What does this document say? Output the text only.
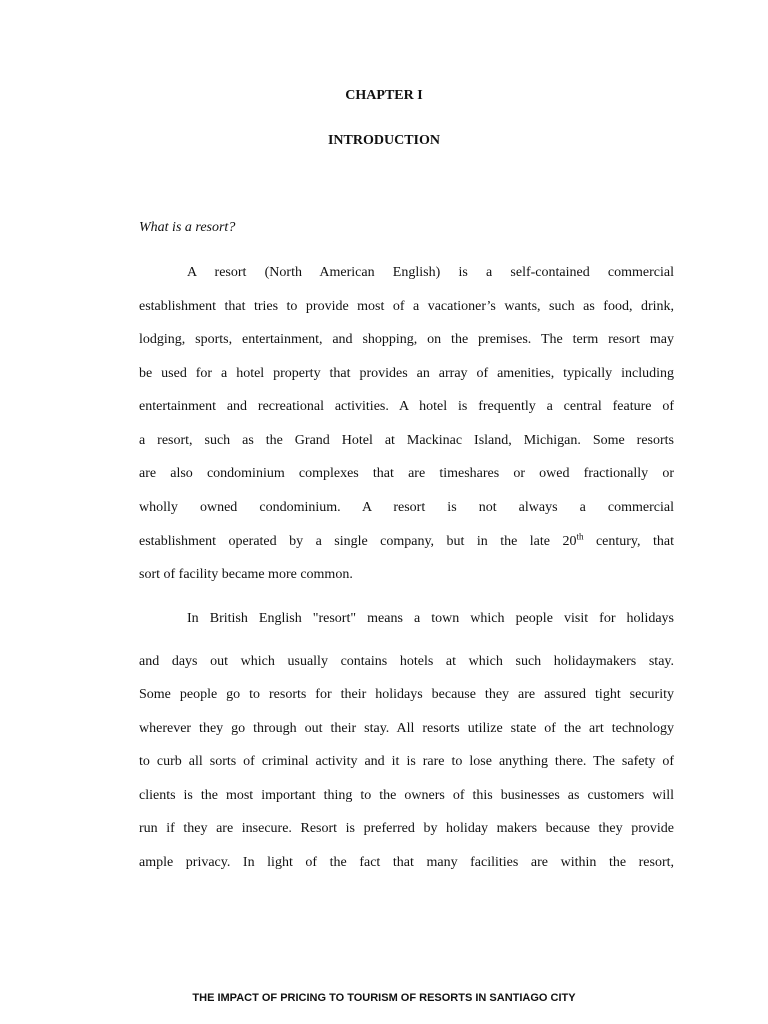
CHAPTER I
INTRODUCTION
What is a resort?
A resort (North American English) is a self-contained commercial
establishment that tries to provide most of a vacationer’s wants, such as food, drink,
lodging, sports, entertainment, and shopping, on the premises. The term resort may
be used for a hotel property that provides an array of amenities, typically including
entertainment and recreational activities. A hotel is frequently a central feature of
a resort, such as the Grand Hotel at Mackinac Island, Michigan. Some resorts
are also condominium complexes that are timeshares or owed fractionally or
wholly owned condominium. A resort is not always a commercial
establishment operated by a single company, but in the late 20th century, that
sort of facility became more common.
In British English "resort" means a town which people visit for holidays
and days out which usually contains hotels at which such holidaymakers stay.
Some people go to resorts for their holidays because they are assured tight security
wherever they go through out their stay. All resorts utilize state of the art technology
to curb all sorts of criminal activity and it is rare to lose anything there. The safety of
clients is the most important thing to the owners of this businesses as customers will
run if they are insecure. Resort is preferred by holiday makers because they provide
ample privacy. In light of the fact that many facilities are within the resort,
THE IMPACT OF PRICING TO TOURISM OF RESORTS IN SANTIAGO CITY
